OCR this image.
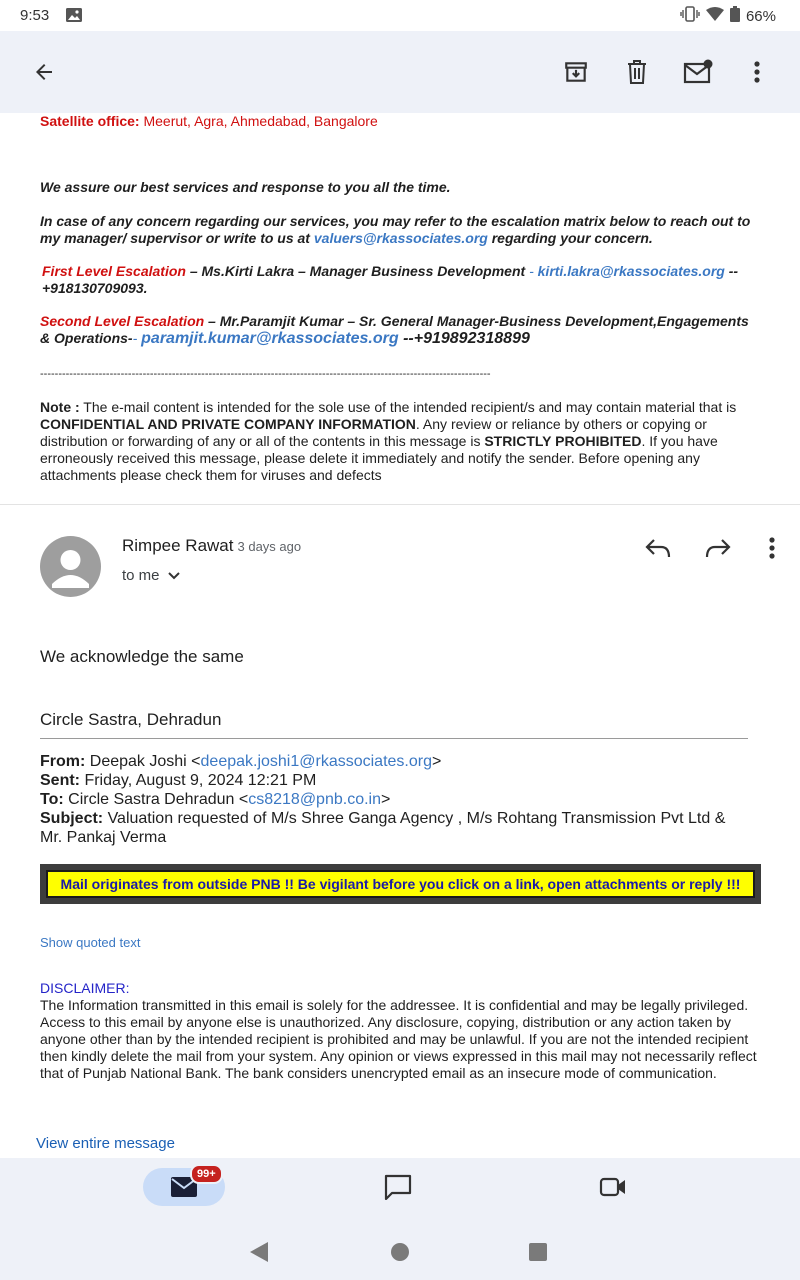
9:53	66%
Satellite office: Meerut, Agra, Ahmedabad, Bangalore
We assure our best services and response to you all the time.
In case of any concern regarding our services, you may refer to the escalation matrix below to reach out to my manager/ supervisor or write to us at valuers@rkassociates.org regarding your concern.
First Level Escalation – Ms.Kirti Lakra – Manager Business Development - kirti.lakra@rkassociates.org --+918130709093.
Second Level Escalation – Mr.Paramjit Kumar – Sr. General Manager-Business Development,Engagements & Operations-- paramjit.kumar@rkassociates.org --+919892318899
---------------------------------------------------------------------------------------------------------------------------
Note : The e-mail content is intended for the sole use of the intended recipient/s and may contain material that is CONFIDENTIAL AND PRIVATE COMPANY INFORMATION. Any review or reliance by others or copying or distribution or forwarding of any or all of the contents in this message is STRICTLY PROHIBITED. If you have erroneously received this message, please delete it immediately and notify the sender. Before opening any attachments please check them for viruses and defects
Rimpee Rawat 3 days ago
to me
We acknowledge the same
Circle Sastra, Dehradun
From: Deepak Joshi <deepak.joshi1@rkassociates.org>
Sent: Friday, August 9, 2024 12:21 PM
To: Circle Sastra Dehradun <cs8218@pnb.co.in>
Subject: Valuation requested of M/s Shree Ganga Agency , M/s Rohtang Transmission Pvt Ltd & Mr. Pankaj Verma
Mail originates from outside PNB !! Be vigilant before you click on a link, open attachments or reply !!!
Show quoted text
DISCLAIMER:
The Information transmitted in this email is solely for the addressee. It is confidential and may be legally privileged. Access to this email by anyone else is unauthorized. Any disclosure, copying, distribution or any action taken by anyone other than by the intended recipient is prohibited and may be unlawful. If you are not the intended recipient then kindly delete the mail from your system. Any opinion or views expressed in this mail may not necessarily reflect that of Punjab National Bank. The bank considers unencrypted email as an insecure mode of communication.
View entire message
99+
